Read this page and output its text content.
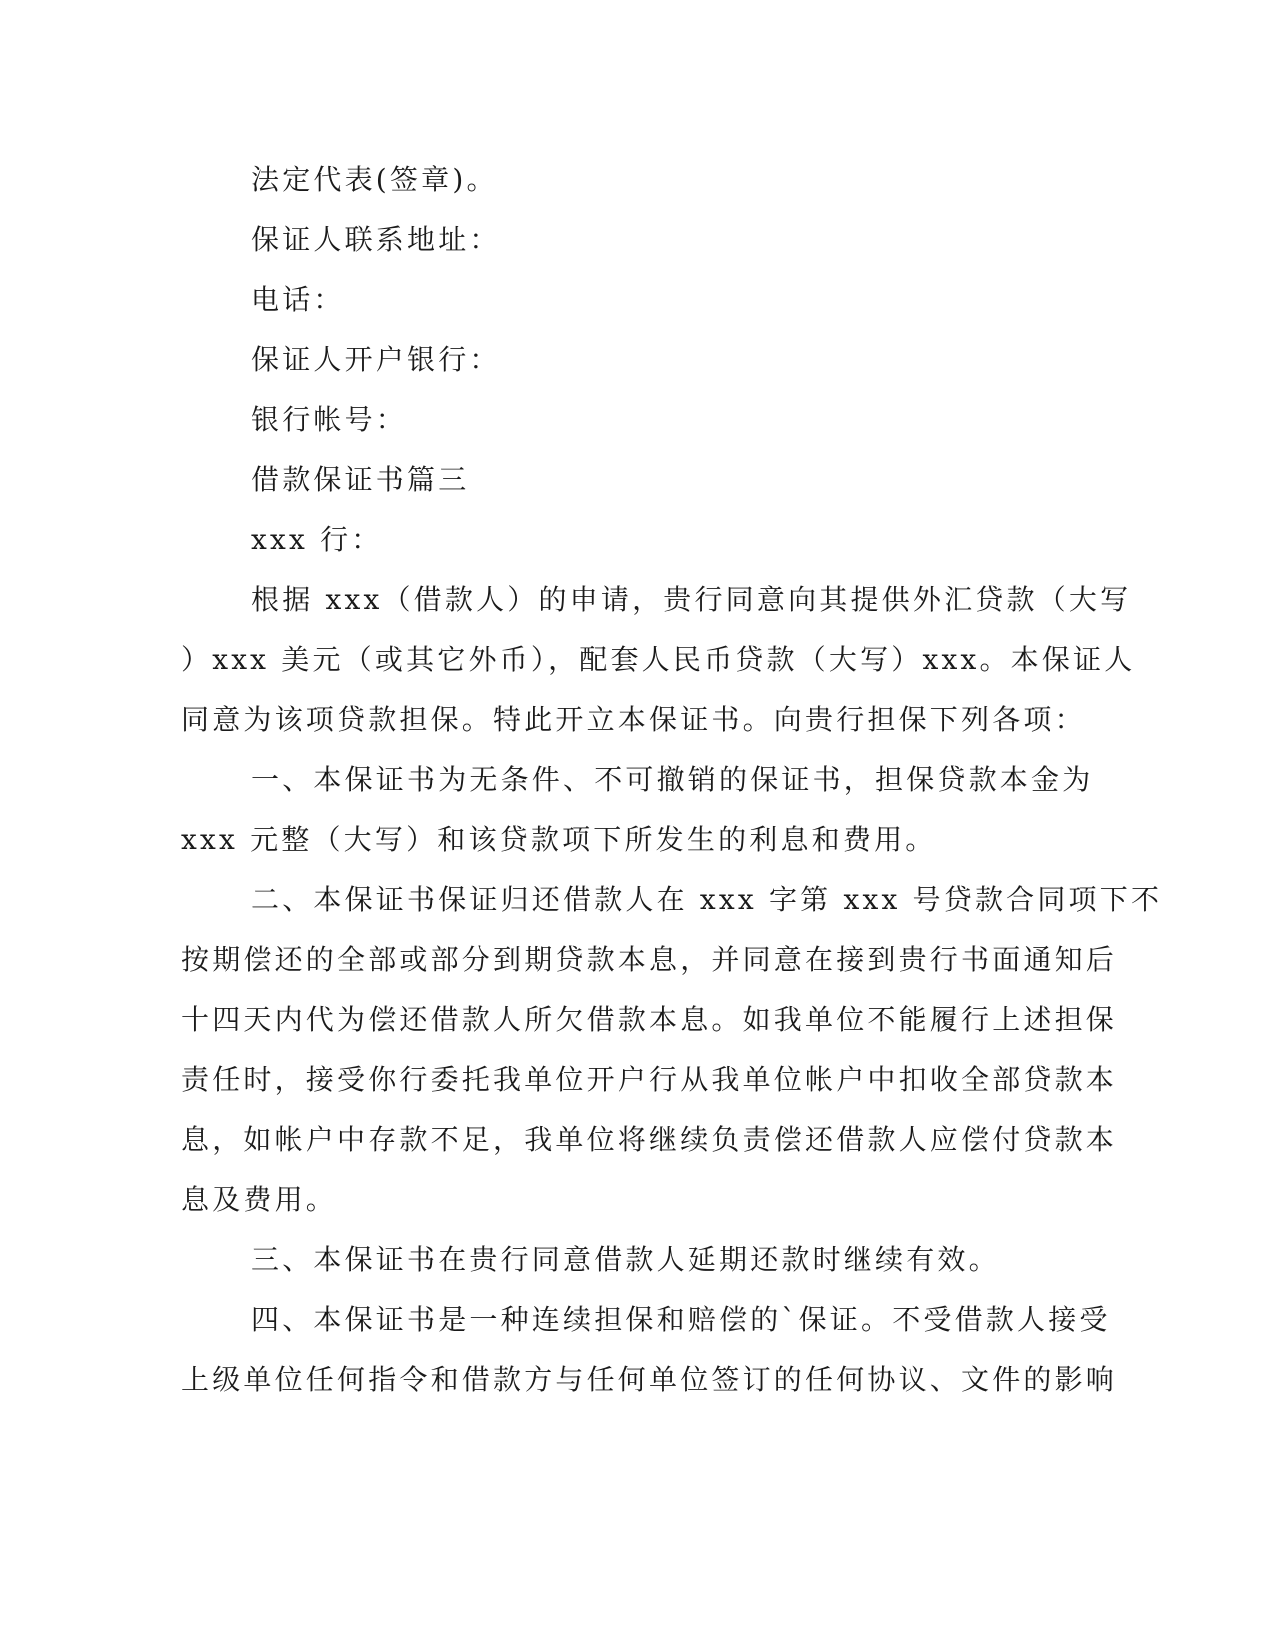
法定代表(签章)。
保证人联系地址：
电话：
保证人开户银行：
银行帐号：
借款保证书篇三
xxx 行：
根据 xxx（借款人）的申请，贵行同意向其提供外汇贷款（大写
）xxx 美元（或其它外币），配套人民币贷款（大写）xxx。本保证人
同意为该项贷款担保。特此开立本保证书。向贵行担保下列各项：
一、本保证书为无条件、不可撤销的保证书，担保贷款本金为
xxx 元整（大写）和该贷款项下所发生的利息和费用。
二、本保证书保证归还借款人在 xxx 字第 xxx 号贷款合同项下不
按期偿还的全部或部分到期贷款本息，并同意在接到贵行书面通知后
十四天内代为偿还借款人所欠借款本息。如我单位不能履行上述担保
责任时，接受你行委托我单位开户行从我单位帐户中扣收全部贷款本
息，如帐户中存款不足，我单位将继续负责偿还借款人应偿付贷款本
息及费用。
三、本保证书在贵行同意借款人延期还款时继续有效。
四、本保证书是一种连续担保和赔偿的`保证。不受借款人接受
上级单位任何指令和借款方与任何单位签订的任何协议、文件的影响
